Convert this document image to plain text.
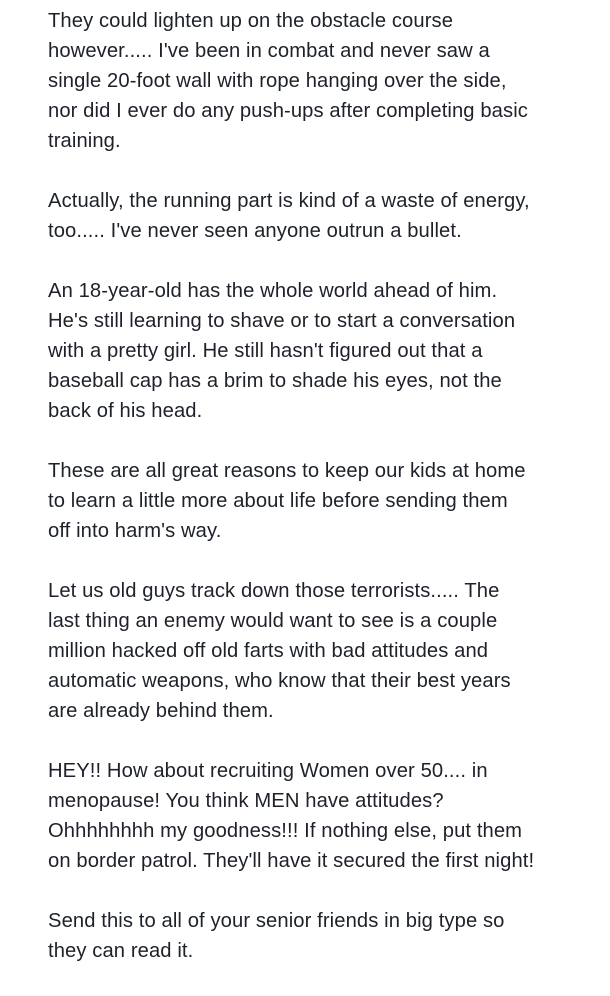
They could lighten up on the obstacle course
however..... I've been in combat and never saw a
single 20-foot wall with rope hanging over the side,
nor did I ever do any push-ups after completing basic
training.

Actually, the running part is kind of a waste of energy,
too..... I've never seen anyone outrun a bullet.

An 18-year-old has the whole world ahead of him.
He's still learning to shave or to start a conversation
with a pretty girl. He still hasn't figured out that a
baseball cap has a brim to shade his eyes, not the
back of his head.

These are all great reasons to keep our kids at home
to learn a little more about life before sending them
off into harm's way.

Let us old guys track down those terrorists..... The
last thing an enemy would want to see is a couple
million hacked off old farts with bad attitudes and
automatic weapons, who know that their best years
are already behind them.

HEY!! How about recruiting Women over 50.... in
menopause! You think MEN have attitudes?
Ohhhhhhhh my goodness!!! If nothing else, put them
on border patrol. They'll have it secured the first night!

Send this to all of your senior friends in big type so
they can read it.
